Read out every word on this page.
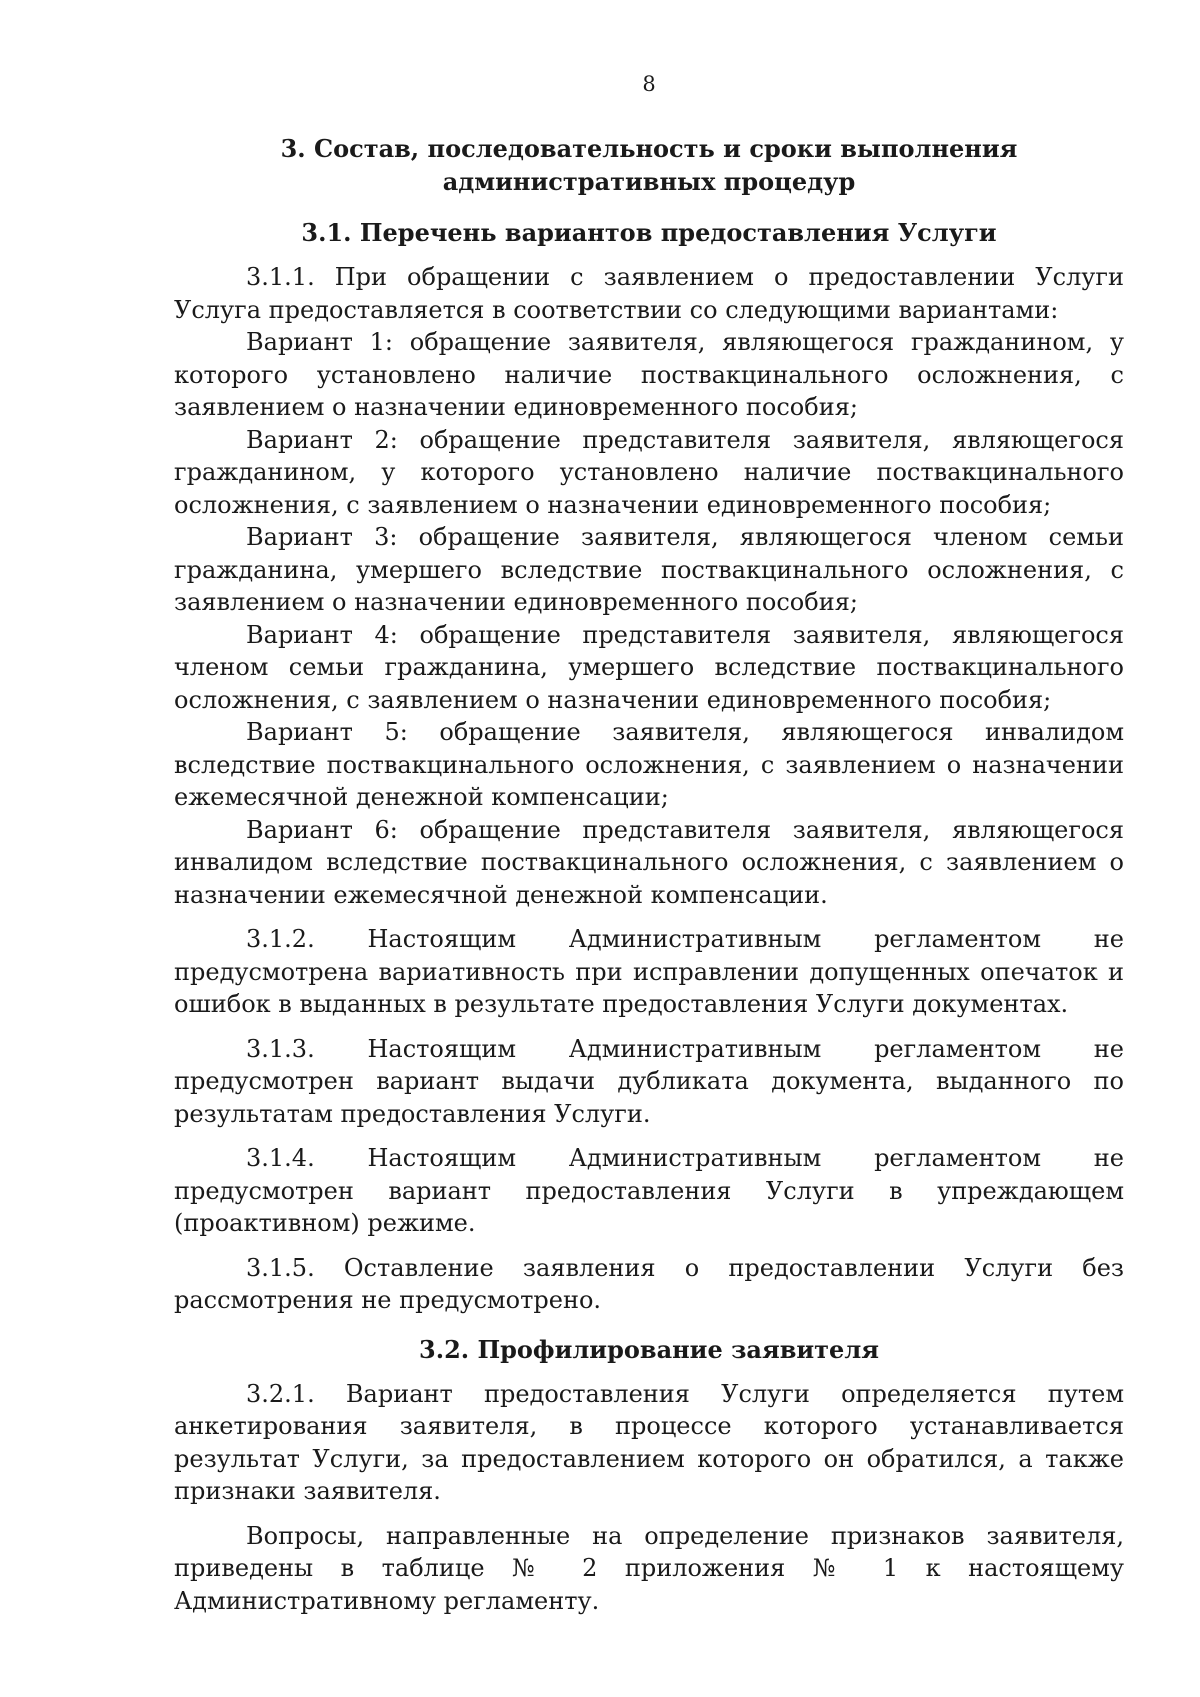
8
3. Состав, последовательность и сроки выполнения административных процедур
3.1. Перечень вариантов предоставления Услуги

3.1.1. При обращении с заявлением о предоставлении Услуги Услуга предоставляется в соответствии со следующими вариантами:

Вариант 1: обращение заявителя, являющегося гражданином, у которого установлено наличие поствакцинального осложнения, с заявлением о назначении единовременного пособия;

Вариант 2: обращение представителя заявителя, являющегося гражданином, у которого установлено наличие поствакцинального осложнения, с заявлением о назначении единовременного пособия;

Вариант 3: обращение заявителя, являющегося членом семьи гражданина, умершего вследствие поствакцинального осложнения, с заявлением о назначении единовременного пособия;

Вариант 4: обращение представителя заявителя, являющегося членом семьи гражданина, умершего вследствие поствакцинального осложнения, с заявлением о назначении единовременного пособия;

Вариант 5: обращение заявителя, являющегося инвалидом вследствие поствакцинального осложнения, с заявлением о назначении ежемесячной денежной компенсации;

Вариант 6: обращение представителя заявителя, являющегося инвалидом вследствие поствакцинального осложнения, с заявлением о назначении ежемесячной денежной компенсации.

3.1.2. Настоящим Административным регламентом не предусмотрена вариативность при исправлении допущенных опечаток и ошибок в выданных в результате предоставления Услуги документах.

3.1.3. Настоящим Административным регламентом не предусмотрен вариант выдачи дубликата документа, выданного по результатам предоставления Услуги.

3.1.4. Настоящим Административным регламентом не предусмотрен вариант предоставления Услуги в упреждающем (проактивном) режиме.

3.1.5. Оставление заявления о предоставлении Услуги без рассмотрения не предусмотрено.

3.2. Профилирование заявителя

3.2.1. Вариант предоставления Услуги определяется путем анкетирования заявителя, в процессе которого устанавливается результат Услуги, за предоставлением которого он обратился, а также признаки заявителя.

Вопросы, направленные на определение признаков заявителя, приведены в таблице № 2 приложения № 1 к настоящему Административному регламенту.
